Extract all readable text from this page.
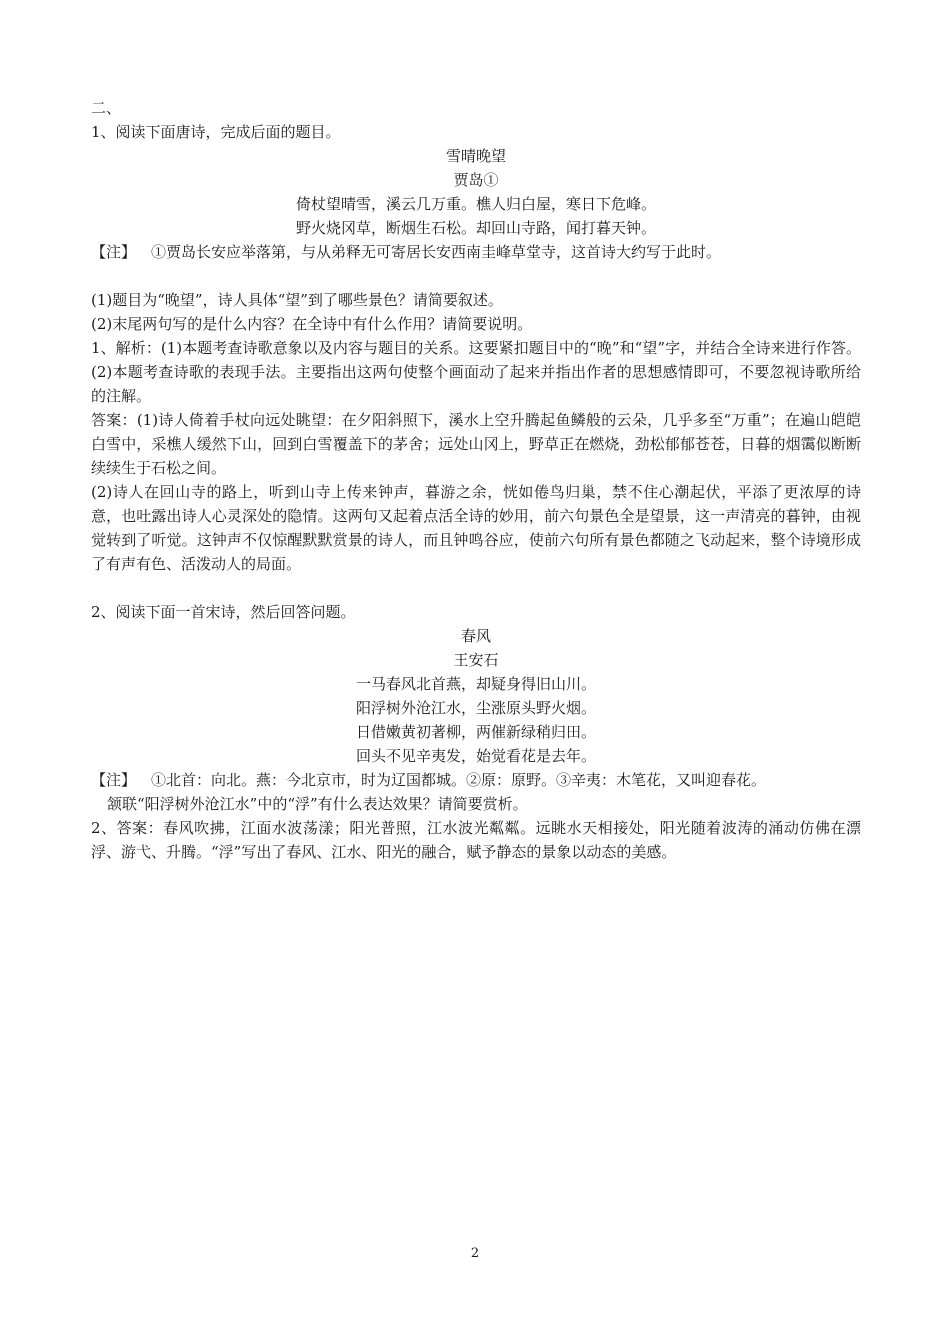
二、
1、阅读下面唐诗，完成后面的题目。
雪晴晚望
贾岛①
倚杖望晴雪，溪云几万重。樵人归白屋，寒日下危峰。
野火烧冈草，断烟生石松。却回山寺路，闻打暮天钟。
【注】 ①贾岛长安应举落第，与从弟释无可寄居长安西南圭峰草堂寺，这首诗大约写于此时。
(1)题目为“晚望”，诗人具体“望”到了哪些景色？请简要叙述。
(2)末尾两句写的是什么内容？在全诗中有什么作用？请简要说明。
1、解析：(1)本题考查诗歌意象以及内容与题目的关系。这要紧扣题目中的“晚”和“望”字，并结合全诗来进行作答。(2)本题考查诗歌的表现手法。主要指出这两句使整个画面动了起来并指出作者的思想感情即可，不要忽视诗歌所给的注解。
答案：(1)诗人倚着手杖向远处眺望：在夕阳斜照下，溪水上空升腾起鱼鳞般的云朵，几乎多至“万重”；在遍山皑皑白雪中，采樵人缓然下山，回到白雪覆盖下的茅舍；远处山冈上，野草正在燃烧，劲松郁郁苍苍，日暮的烟霭似断断续续生于石松之间。
(2)诗人在回山寺的路上，听到山寺上传来钟声，暮游之余，恍如倦鸟归巢，禁不住心潮起伏，平添了更浓厚的诗意，也吐露出诗人心灵深处的隐情。这两句又起着点活全诗的妙用，前六句景色全是望景，这一声清亮的暮钟，由视觉转到了听觉。这钟声不仅惊醒默默赏景的诗人，而且钟鸣谷应，使前六句所有景色都随之飞动起来，整个诗境形成了有声有色、活泼动人的局面。
2、阅读下面一首宋诗，然后回答问题。
春风
王安石
一马春风北首燕，却疑身得旧山川。
阳浮树外沧江水，尘涨原头野火烟。
日借嫩黄初著柳，两催新绿稍归田。
回头不见辛夷发，始觉看花是去年。
【注】 ①北首：向北。燕：今北京市，时为辽国都城。②原：原野。③辛夷：木笔花，又叫迎春花。
颔联“阳浮树外沧江水”中的“浮”有什么表达效果？请简要赏析。
2、答案：春风吹拂，江面水波荡漾；阳光普照，江水波光粼粼。远眺水天相接处，阳光随着波涛的涌动仿佛在漂浮、游弋、升腾。“浮”写出了春风、江水、阳光的融合，赋予静态的景象以动态的美感。
2
